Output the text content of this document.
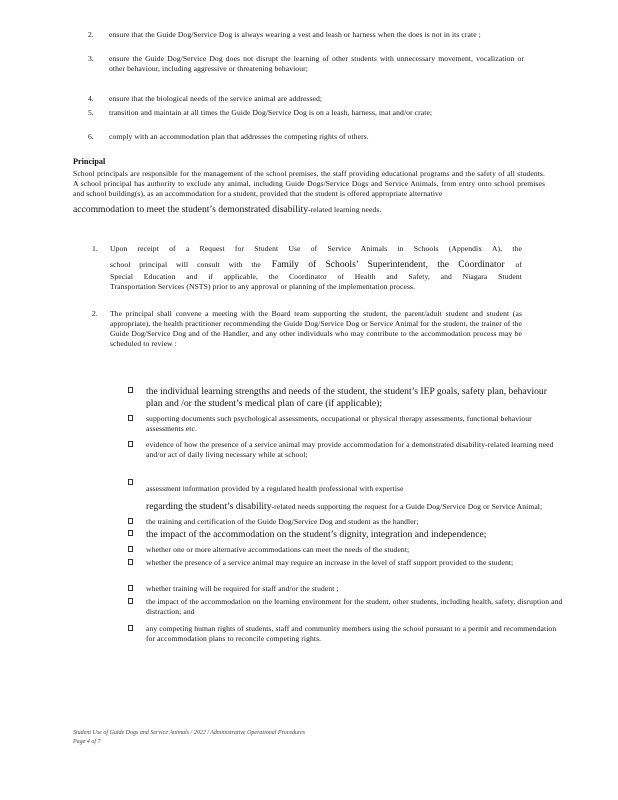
2.	ensure that the Guide Dog/Service Dog is always wearing a vest and leash or harness when the does is not in its crate ;
3.	ensure the Guide Dog/Service Dog does not disrupt the learning of other students with unnecessary movement, vocalization or other behaviour, including aggressive or threatening behaviour;
4.	ensure that the biological needs of the service animal are addressed;
5.	transition and maintain at all times the Guide Dog/Service Dog is on a leash, harness, mat and/or crate;
6.	comply with an accommodation plan that addresses the competing rights of others.
Principal
School principals are responsible for the management of the school premises, the staff providing educational programs and the safety of all students. A school principal has authority to exclude any animal, including Guide Dogs/Service Dogs and Service Animals, from entry onto school premises and school building(s), as an accommodation for a student, provided that the student is offered appropriate alternative
accommodation to meet the student’s demonstrated disability-related learning needs.
1. Upon receipt of a Request for Student Use of Service Animals in Schools (Appendix A), the
school principal will consult with the Family of Schools’ Superintendent, the Coordinator of
Special Education and if applicable, the Coordinator of Health and Safety, and Niagara Student
Transportation Services (NSTS) prior to any approval or planning of the implementation process.
2. The principal shall convene a meeting with the Board team supporting the student, the parent/adult student and student (as appropriate), the health practitioner recommending the Guide Dog/Service Dog or Service Animal for the student, the trainer of the Guide Dog/Service Dog and of the Handler, and any other individuals who may contribute to the accommodation process may be scheduled to review :
the individual learning strengths and needs of the student, the student’s IEP goals, safety plan, behaviour plan and /or the student’s medical plan of care (if applicable);
supporting documents such psychological assessments, occupational or physical therapy assessments, functional behaviour assessments etc.
evidence of how the presence of a service animal may provide accommodation for a demonstrated disability-related learning need and/or act of daily living necessary while at school;
assessment information provided by a regulated health professional with expertise
regarding the student’s disability-related needs supporting the request for a Guide Dog/Service Dog or Service Animal;
the training and certification of the Guide Dog/Service Dog and student as the handler;
the impact of the accommodation on the student’s dignity, integration and independence;
whether one or more alternative accommodations can meet the needs of the student;
whether the presence of a service animal may require an increase in the level of staff support provided to the student;
whether training will be required for staff and/or the student ;
the impact of the accommodation on the learning environment for the student, other students, including health, safety, disruption and distraction; and
any competing human rights of students, staff and community members using the school pursuant to a permit and recommendation for accommodation plans to reconcile competing rights.
Student Use of Guide Dogs and Service Animals / 2022 / Administrative Operational Procedures
Page 4 of 7
